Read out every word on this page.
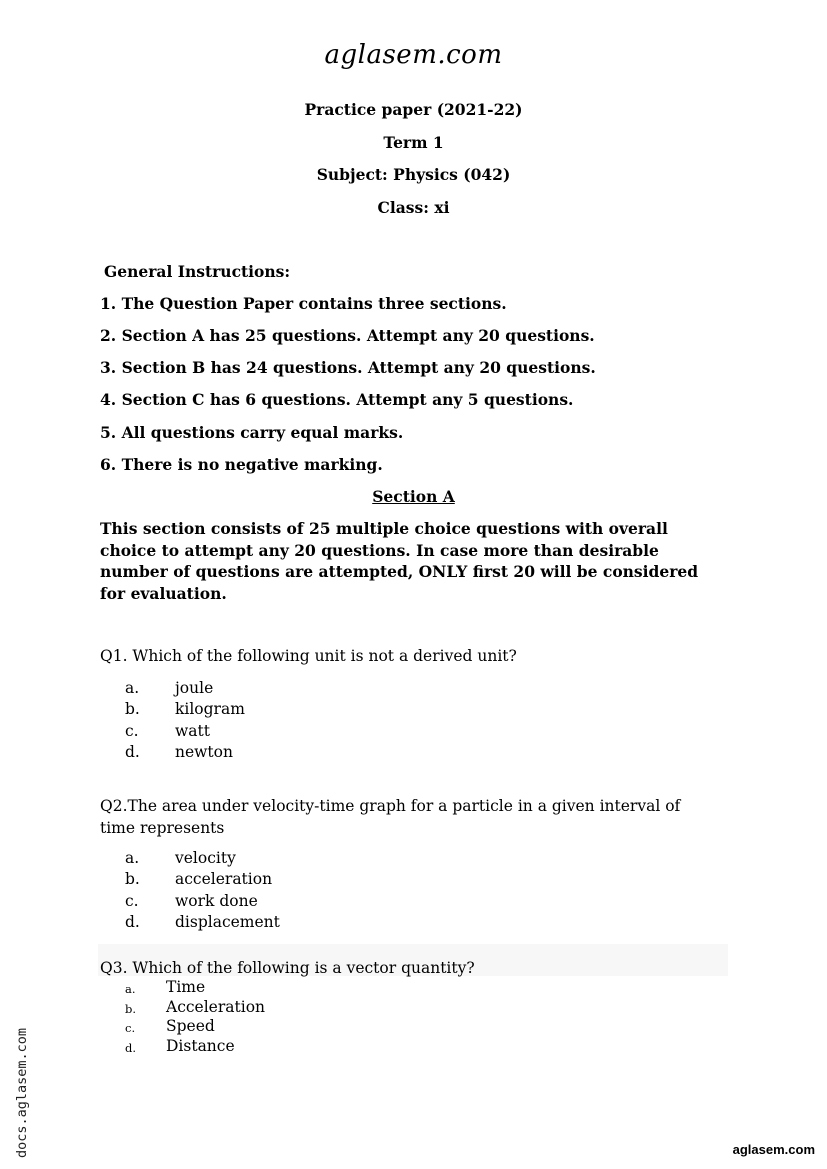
aglasem.com
Practice paper (2021-22)
Term 1
Subject: Physics (042)
Class: xi
General Instructions:
1. The Question Paper contains three sections.
2. Section A has 25 questions. Attempt any 20 questions.
3. Section B has 24 questions. Attempt any 20 questions.
4. Section C has 6 questions. Attempt any 5 questions.
5. All questions carry equal marks.
6. There is no negative marking.
Section A
This section consists of 25 multiple choice questions with overall choice to attempt any 20 questions. In case more than desirable number of questions are attempted, ONLY first 20 will be considered for evaluation.
Q1. Which of the following unit is not a derived unit?
a. joule
b. kilogram
c. watt
d. newton
Q2.The area under velocity-time graph for a particle in a given interval of time represents
a. velocity
b. acceleration
c. work done
d. displacement
Q3. Which of the following is a vector quantity?
a. Time
b. Acceleration
c. Speed
d. Distance
docs.aglasem.com	aglasem.com
